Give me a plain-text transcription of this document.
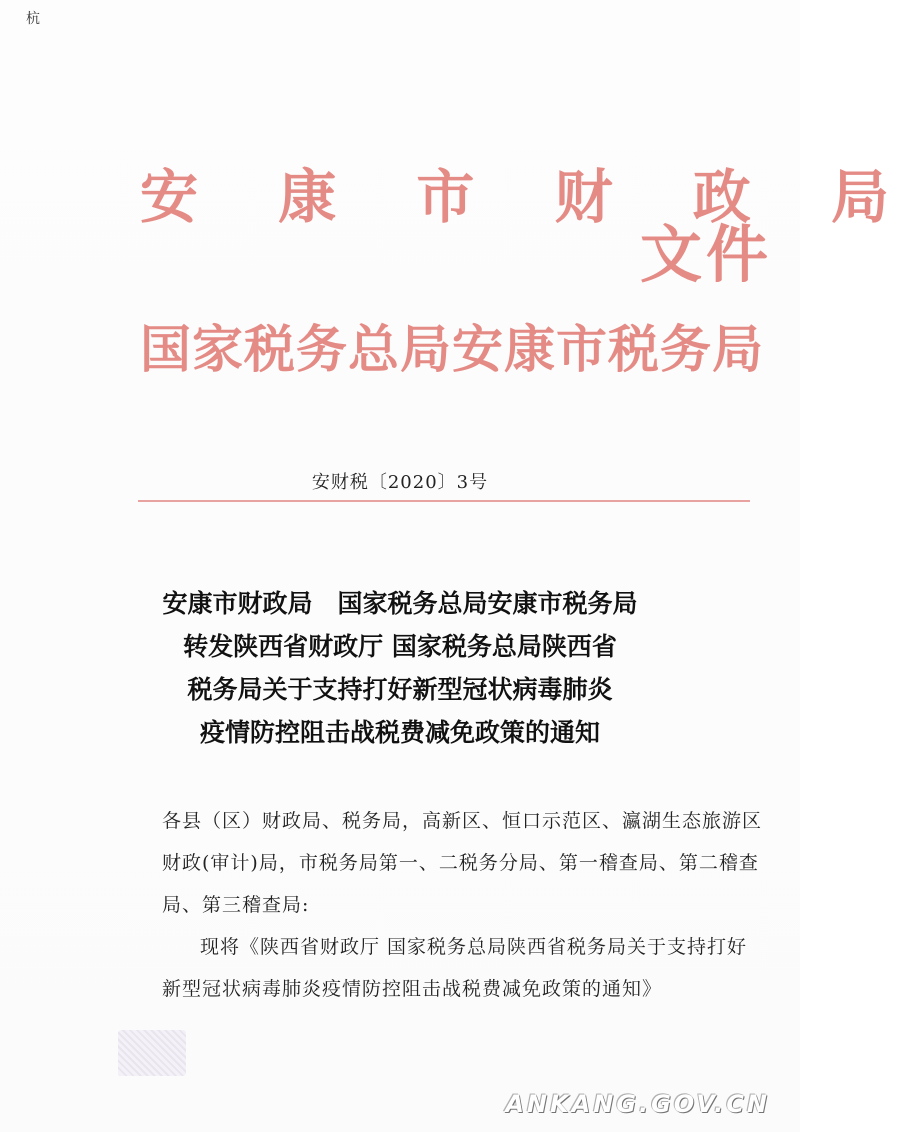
杭
安 康 市 财 政 局
文件
国家税务总局安康市税务局
安财税〔2020〕3号
安康市财政局　国家税务总局安康市税务局
转发陕西省财政厅 国家税务总局陕西省
税务局关于支持打好新型冠状病毒肺炎
疫情防控阻击战税费减免政策的通知

各县（区）财政局、税务局，高新区、恒口示范区、瀛湖生态旅游区财政(审计)局，市税务局第一、二税务分局、第一稽查局、第二稽查局、第三稽查局:

现将《陕西省财政厅 国家税务总局陕西省税务局关于支持打好新型冠状病毒肺炎疫情防控阻击战税费减免政策的通知》

ANKANG.GOV.CN
